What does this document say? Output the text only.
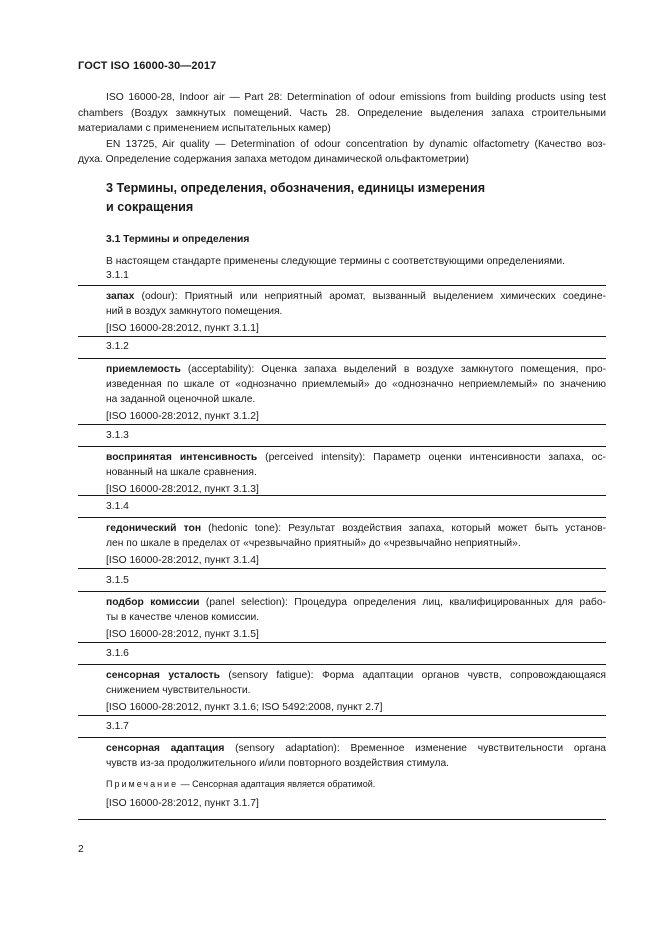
ГОСТ ISO 16000-30—2017
ISO 16000-28, Indoor air — Part 28: Determination of odour emissions from building products using test
chambers (Воздух замкнутых помещений. Часть 28. Определение выделения запаха строительными
материалами с применением испытательных камер)
EN 13725, Air quality — Determination of odour concentration by dynamic olfactometry (Качество воз-
духа. Определение содержания запаха методом динамической ольфактометрии)
3 Термины, определения, обозначения, единицы измерения
и сокращения
3.1 Термины и определения
В настоящем стандарте применены следующие термины с соответствующими определениями.
3.1.1
запах (odour): Приятный или неприятный аромат, вызванный выделением химических соедине-
ний в воздух замкнутого помещения.
[ISO 16000-28:2012, пункт 3.1.1]
3.1.2
приемлемость (acceptability): Оценка запаха выделений в воздухе замкнутого помещения, про-
изведенная по шкале от «однозначно приемлемый» до «однозначно неприемлемый» по значению
на заданной оценочной шкале.
[ISO 16000-28:2012, пункт 3.1.2]
3.1.3
воспринятая интенсивность (perceived intensity): Параметр оценки интенсивности запаха, ос-
нованный на шкале сравнения.
[ISO 16000-28:2012, пункт 3.1.3]
3.1.4
гедонический тон (hedonic tone): Результат воздействия запаха, который может быть установ-
лен по шкале в пределах от «чрезвычайно приятный» до «чрезвычайно неприятный».
[ISO 16000-28:2012, пункт 3.1.4]
3.1.5
подбор комиссии (panel selection): Процедура определения лиц, квалифицированных для рабо-
ты в качестве членов комиссии.
[ISO 16000-28:2012, пункт 3.1.5]
3.1.6
сенсорная усталость (sensory fatigue): Форма адаптации органов чувств, сопровождающаяся
снижением чувствительности.
[ISO 16000-28:2012, пункт 3.1.6; ISO 5492:2008, пункт 2.7]
3.1.7
сенсорная адаптация (sensory adaptation): Временное изменение чувствительности органа
чувств из-за продолжительного и/или повторного воздействия стимула.
Примечание — Сенсорная адаптация является обратимой.
[ISO 16000-28:2012, пункт 3.1.7]
2
